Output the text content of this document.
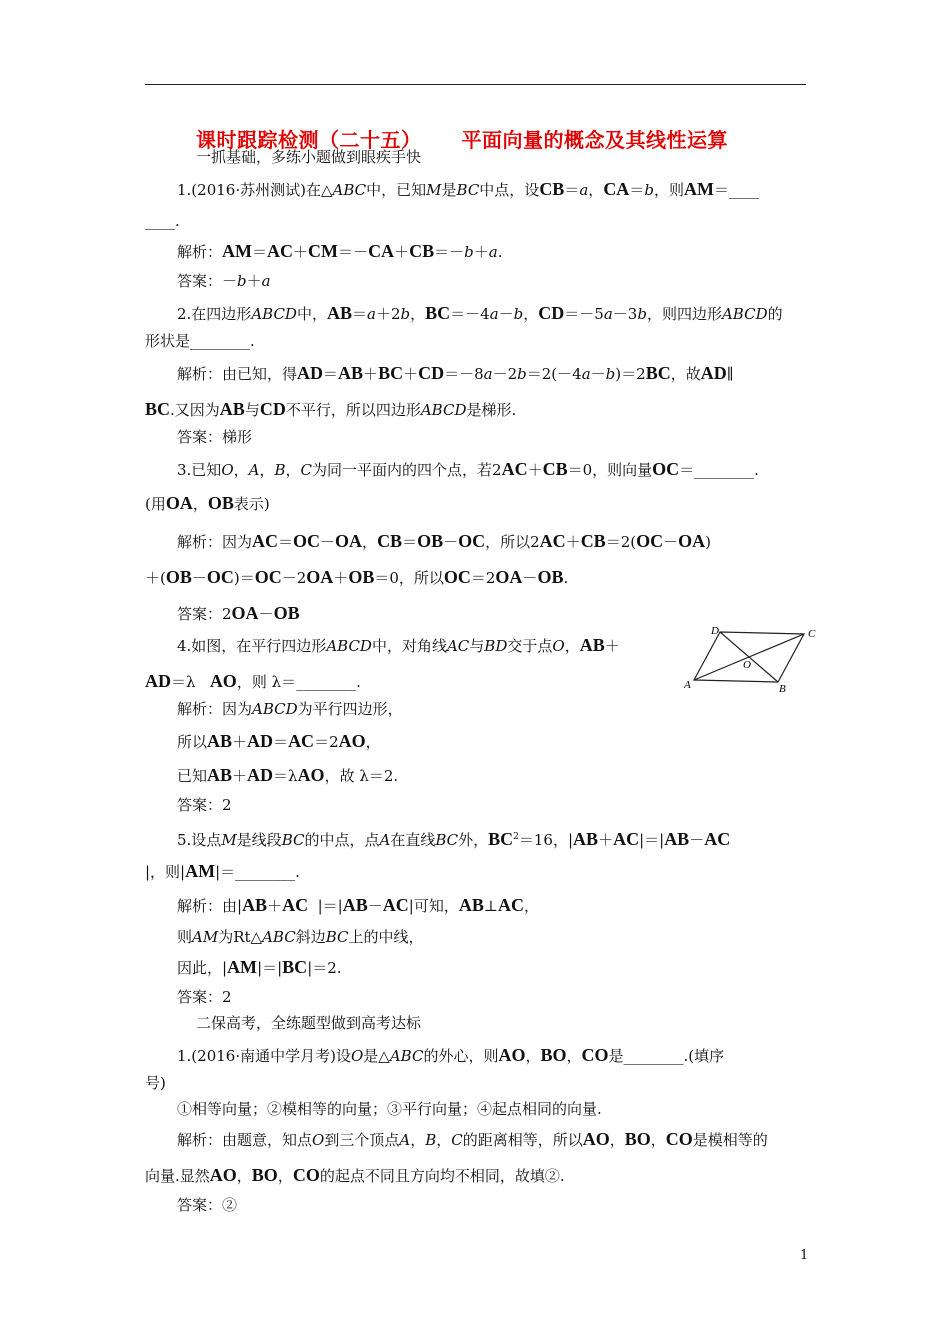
课时跟踪检测（二十五） 平面向量的概念及其线性运算
一抓基础，多练小题做到眼疾手快
1.(2016·苏州测试)在△ABC中，已知M是BC中点，设CB＝a，CA＝b，则AM＝____
____.
解析：AM＝AC＋CM＝－CA＋CB＝－b＋a.
答案：－b＋a
2.在四边形ABCD中，AB＝a＋2b，BC＝－4a－b，CD＝－5a－3b，则四边形ABCD的
形状是________.
解析：由已知，得AD＝AB＋BC＋CD＝－8a－2b＝2(－4a－b)＝2BC，故AD∥
BC.又因为AB与CD不平行，所以四边形ABCD是梯形.
答案：梯形
3.已知O，A，B，C为同一平面内的四个点，若2AC＋CB＝0，则向量OC＝________.
(用OA，OB表示)
解析：因为AC＝OC－OA，CB＝OB－OC，所以2AC＋CB＝2(OC－OA)
＋(OB－OC)＝OC－2OA＋OB＝0，所以OC＝2OA－OB.
答案：2OA－OB
4.如图，在平行四边形ABCD中，对角线AC与BD交于点O，AB＋
AD＝λ   AO，则 λ＝________.	A	B
C
D
O
解析：因为ABCD为平行四边形，
所以AB＋AD＝AC＝2AO，
已知AB＋AD＝λAO，故 λ＝2.
答案：2
5.设点M是线段BC的中点，点A在直线BC外，$BC^2=16$，|AB＋AC|＝|AB－AC
|，则|AM|＝________.
解析：由|AB＋AC  |＝|AB－AC|可知，AB⊥AC，
则AM为Rt△ABC斜边BC上的中线，
因此，|AM|＝|BC|＝2.
答案：2
二保高考，全练题型做到高考达标
1.(2016·南通中学月考)设O是△ABC的外心，则AO，BO，CO是________.(填序
号)
①相等向量；②模相等的向量；③平行向量；④起点相同的向量.
解析：由题意，知点O到三个顶点A，B，C的距离相等，所以AO，BO，CO是模相等的
向量.显然AO，BO，CO的起点不同且方向均不相同，故填②.
答案：②
1
